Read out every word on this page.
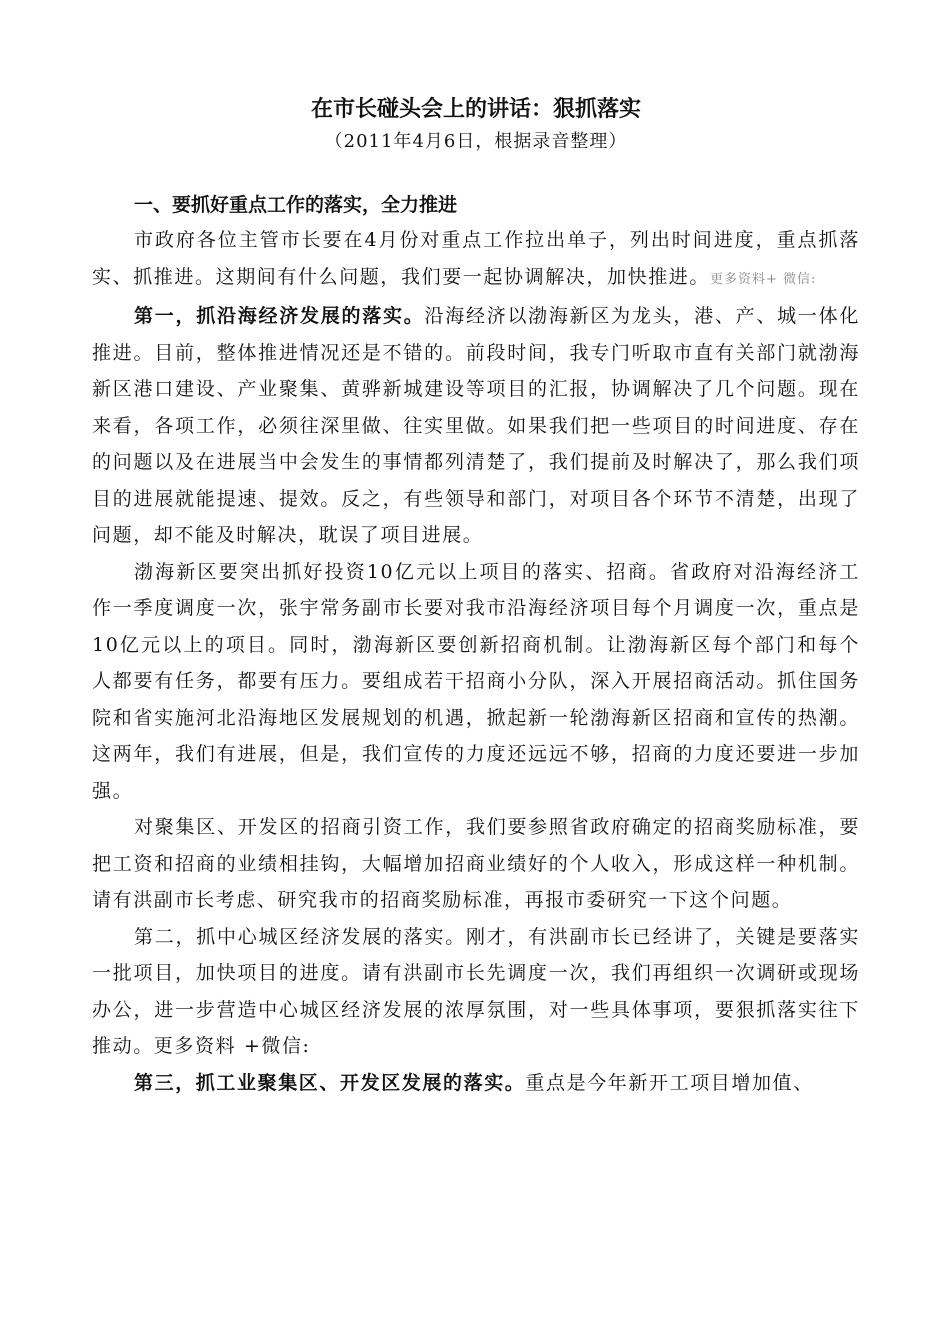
在市长碰头会上的讲话：狠抓落实
（2011年4月6日，根据录音整理）
一、要抓好重点工作的落实，全力推进

市政府各位主管市长要在4月份对重点工作拉出单子，列出时间进度，重点抓落实、抓推进。这期间有什么问题，我们要一起协调解决，加快推进。更多资料+ 微信:

第一，抓沿海经济发展的落实。沿海经济以渤海新区为龙头，港、产、城一体化推进。目前，整体推进情况还是不错的。前段时间，我专门听取市直有关部门就渤海新区港口建设、产业聚集、黄骅新城建设等项目的汇报，协调解决了几个问题。现在来看，各项工作，必须往深里做、往实里做。如果我们把一些项目的时间进度、存在的问题以及在进展当中会发生的事情都列清楚了，我们提前及时解决了，那么我们项目的进展就能提速、提效。反之，有些领导和部门，对项目各个环节不清楚，出现了问题，却不能及时解决，耽误了项目进展。

渤海新区要突出抓好投资10亿元以上项目的落实、招商。省政府对沿海经济工作一季度调度一次，张宇常务副市长要对我市沿海经济项目每个月调度一次，重点是10亿元以上的项目。同时，渤海新区要创新招商机制。让渤海新区每个部门和每个人都要有任务，都要有压力。要组成若干招商小分队，深入开展招商活动。抓住国务院和省实施河北沿海地区发展规划的机遇，掀起新一轮渤海新区招商和宣传的热潮。这两年，我们有进展，但是，我们宣传的力度还远远不够，招商的力度还要进一步加强。

对聚集区、开发区的招商引资工作，我们要参照省政府确定的招商奖励标准，要把工资和招商的业绩相挂钩，大幅增加招商业绩好的个人收入，形成这样一种机制。请有洪副市长考虑、研究我市的招商奖励标准，再报市委研究一下这个问题。

第二，抓中心城区经济发展的落实。刚才，有洪副市长已经讲了，关键是要落实一批项目，加快项目的进度。请有洪副市长先调度一次，我们再组织一次调研或现场办公，进一步营造中心城区经济发展的浓厚氛围，对一些具体事项，要狠抓落实往下推动。更多资料 +微信:

第三，抓工业聚集区、开发区发展的落实。重点是今年新开工项目增加值、
